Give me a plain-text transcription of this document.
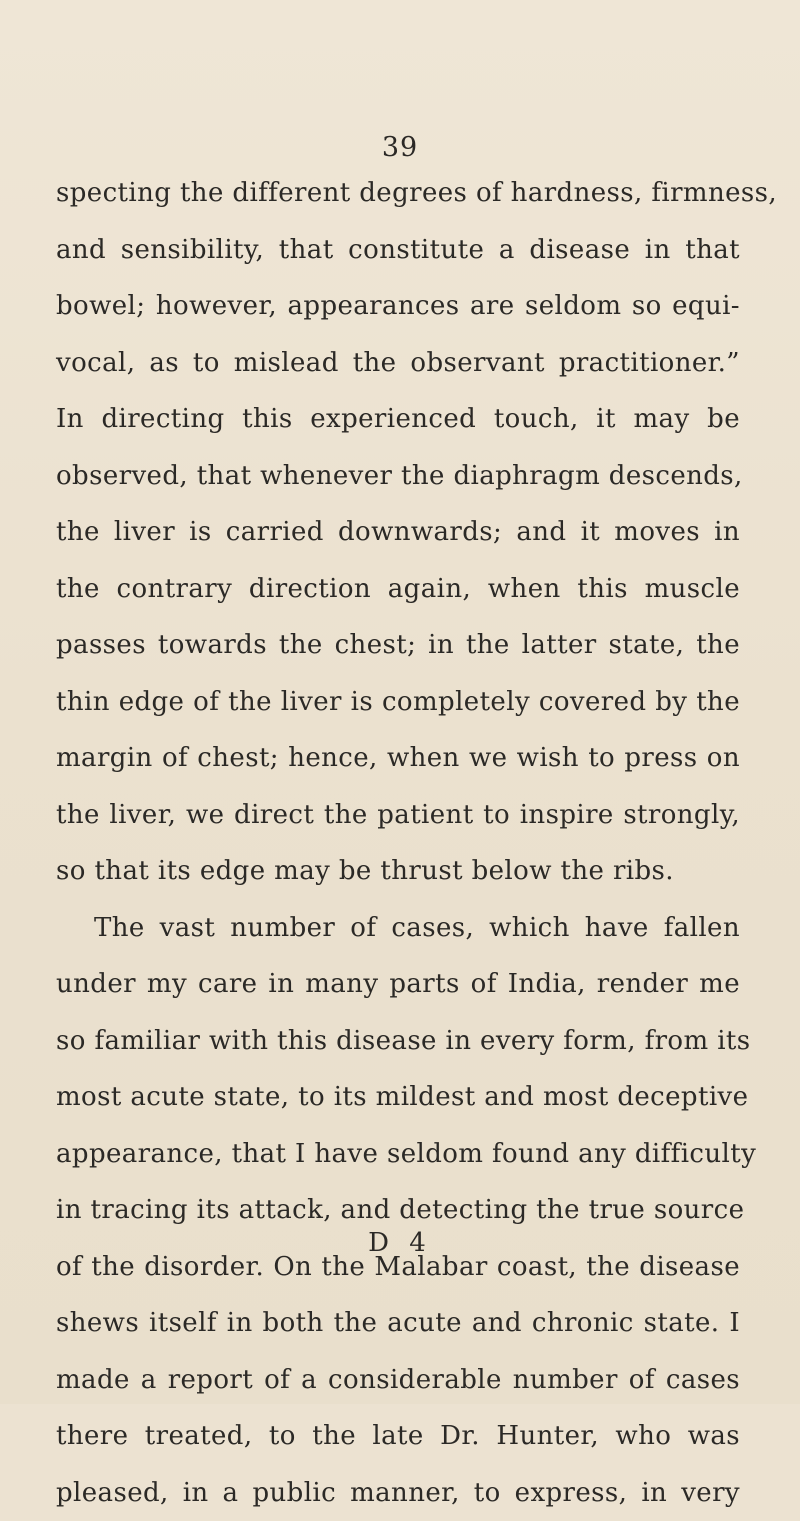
39
specting the different degrees of hardness, firmness,
and sensibility, that constitute a disease in that
bowel; however, appearances are seldom so equi-
vocal, as to mislead the observant practitioner.”
In directing this experienced touch, it may be
observed, that whenever the diaphragm descends,
the liver is carried downwards; and it moves in
the contrary direction again, when this muscle
passes towards the chest; in the latter state, the
thin edge of the liver is completely covered by the
margin of chest; hence, when we wish to press on
the liver, we direct the patient to inspire strongly,
so that its edge may be thrust below the ribs.
The vast number of cases, which have fallen
under my care in many parts of India, render me
so familiar with this disease in every form, from its
most acute state, to its mildest and most deceptive
appearance, that I have seldom found any difficulty
in tracing its attack, and detecting the true source
of the disorder. On the Malabar coast, the disease
shews itself in both the acute and chronic state. I
made a report of a considerable number of cases
there treated, to the late Dr. Hunter, who was
pleased, in a public manner, to express, in very
D 4
